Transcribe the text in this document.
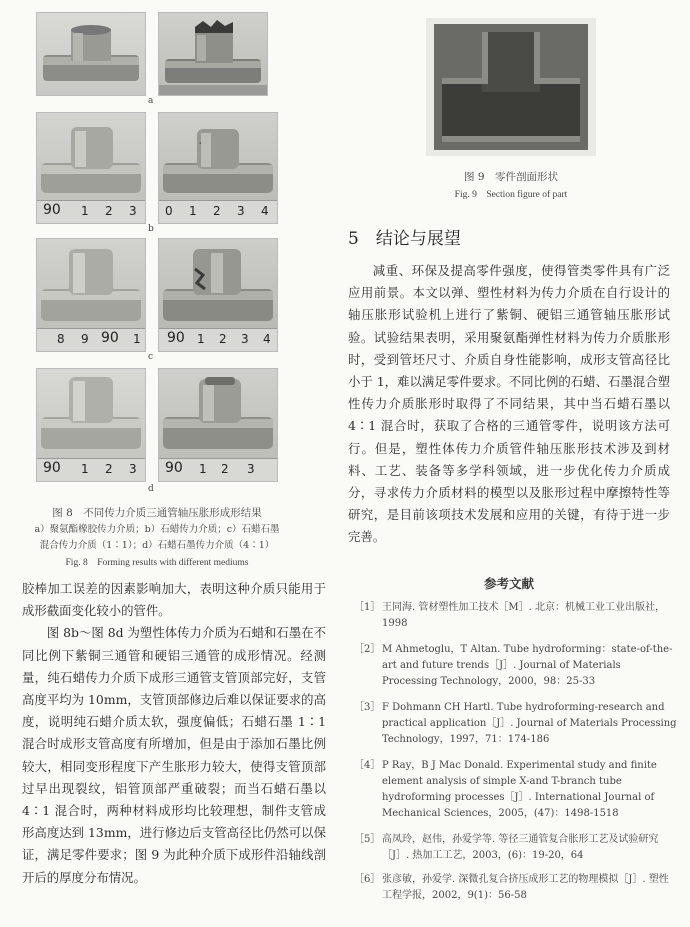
a
90 1 2 3 0 1 2 3 4
b
8 9 90 1 90 1 2 3 4
c
90 1 2 3 90 1 2 3
d
图 8　不同传力介质三通管轴压胀形成形结果
a）聚氨酯橡胶传力介质；b）石蜡传力介质；c）石蜡石墨
混合传力介质（1∶1）；d）石蜡石墨传力介质（4∶1）
Fig. 8　Forming results with different mediums

胶棒加工误差的因素影响加大，表明这种介质只能用于成形截面变化较小的管件。

图 8b～图 8d 为塑性体传力介质为石蜡和石墨在不同比例下紫铜三通管和硬铝三通管的成形情况。经测量，纯石蜡传力介质下成形三通管支管顶部完好，支管高度平均为 10mm，支管顶部修边后难以保证要求的高度，说明纯石蜡介质太软，强度偏低；石蜡石墨 1∶1 混合时成形支管高度有所增加，但是由于添加石墨比例较大，相同变形程度下产生胀形力较大，使得支管顶部过早出现裂纹，铝管顶部严重破裂；而当石蜡石墨以 4∶1 混合时，两种材料成形均比较理想，制件支管成形高度达到 13mm，进行修边后支管高径比仍然可以保证，满足零件要求；图 9 为此种介质下成形件沿轴线剖开后的厚度分布情况。

图 9　零件剖面形状
Fig. 9　Section figure of part
5　结论与展望

减重、环保及提高零件强度，使得管类零件具有广泛应用前景。本文以弹、塑性材料为传力介质在自行设计的轴压胀形试验机上进行了紫铜、硬铝三通管轴压胀形试验。试验结果表明，采用聚氨酯弹性材料为传力介质胀形时，受到管坯尺寸、介质自身性能影响，成形支管高径比小于 1，难以满足零件要求。不同比例的石蜡、石墨混合塑性传力介质胀形时取得了不同结果，其中当石蜡石墨以 4∶1 混合时，获取了合格的三通管零件，说明该方法可行。但是，塑性体传力介质管件轴压胀形技术涉及到材料、工艺、装备等多学科领域，进一步优化传力介质成分，寻求传力介质材料的模型以及胀形过程中摩擦特性等研究，是目前该项技术发展和应用的关键，有待于进一步完善。

参考文献
［1］ 王同海. 管材塑性加工技术［M］. 北京：机械工业工业出版社，1998
［2］ M Ahmetoglu，T Altan. Tube hydroforming：state-of-the-art and future trends［J］. Journal of Materials Processing Technology，2000，98：25-33
［3］ F Dohmann CH Hartl. Tube hydroforming-research and practical application［J］. Journal of Materials Processing Technology，1997，71：174-186
［4］ P Ray，B J Mac Donald. Experimental study and finite element analysis of simple X-and T-branch tube hydroforming processes［J］. International Journal of Mechanical Sciences，2005，(47)：1498-1518
［5］ 高凤玲，赵伟，孙爱学等. 等径三通管复合胀形工艺及试验研究［J］. 热加工工艺，2003，(6)：19-20，64
［6］ 张彦敏，孙爱学. 深微孔复合挤压成形工艺的物理模拟［J］. 塑性工程学报，2002，9(1)：56-58
